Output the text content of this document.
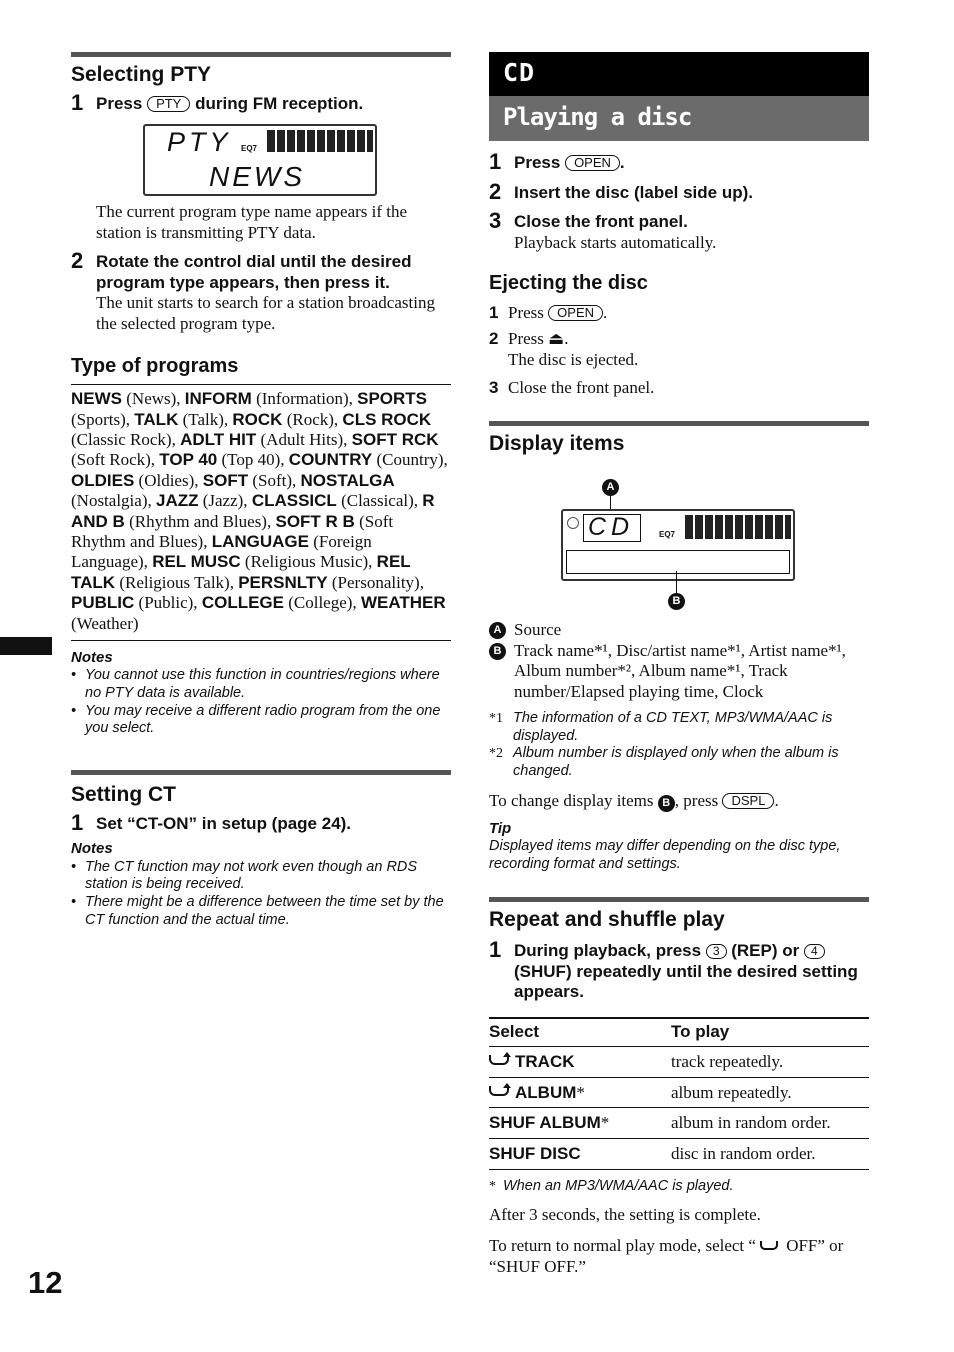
12
Selecting PTY
1 Press PTY during FM reception.
PTY
NEWS
EQ7
The current program type name appears if the station is transmitting PTY data.
2 Rotate the control dial until the desired program type appears, then press it.
The unit starts to search for a station broadcasting the selected program type.
Type of programs
NEWS (News), INFORM (Information), SPORTS (Sports), TALK (Talk), ROCK (Rock), CLS ROCK (Classic Rock), ADLT HIT (Adult Hits), SOFT RCK (Soft Rock), TOP 40 (Top 40), COUNTRY (Country), OLDIES (Oldies), SOFT (Soft), NOSTALGA (Nostalgia), JAZZ (Jazz), CLASSICL (Classical), R AND B (Rhythm and Blues), SOFT R B (Soft Rhythm and Blues), LANGUAGE (Foreign Language), REL MUSC (Religious Music), REL TALK (Religious Talk), PERSNLTY (Personality), PUBLIC (Public), COLLEGE (College), WEATHER (Weather)
Notes
• You cannot use this function in countries/regions where no PTY data is available.
• You may receive a different radio program from the one you select.
Setting CT
1 Set “CT-ON” in setup (page 24).
Notes
• The CT function may not work even though an RDS station is being received.
• There might be a difference between the time set by the CT function and the actual time.
CD
Playing a disc
1 Press OPEN .
2 Insert the disc (label side up).
3 Close the front panel.
Playback starts automatically.
Ejecting the disc
1 Press OPEN .
2 Press ⏏.
The disc is ejected.
3 Close the front panel.
Display items
A
CD	EQ7
B
A Source
B Track name*¹, Disc/artist name*¹, Artist name*¹, Album number*², Album name*¹, Track number/Elapsed playing time, Clock
*1 The information of a CD TEXT, MP3/WMA/AAC is displayed.
*2 Album number is displayed only when the album is changed.
To change display items B , press DSPL .
Tip
Displayed items may differ depending on the disc type, recording format and settings.
Repeat and shuffle play
1 During playback, press 3 (REP) or 4 (SHUF) repeatedly until the desired setting appears.
Select	To play
TRACK	track repeatedly.
ALBUM*	album repeatedly.
SHUF ALBUM*	album in random order.
SHUF DISC	disc in random order.
* When an MP3/WMA/AAC is played.
After 3 seconds, the setting is complete.
To return to normal play mode, select “ OFF” or “SHUF OFF.”
